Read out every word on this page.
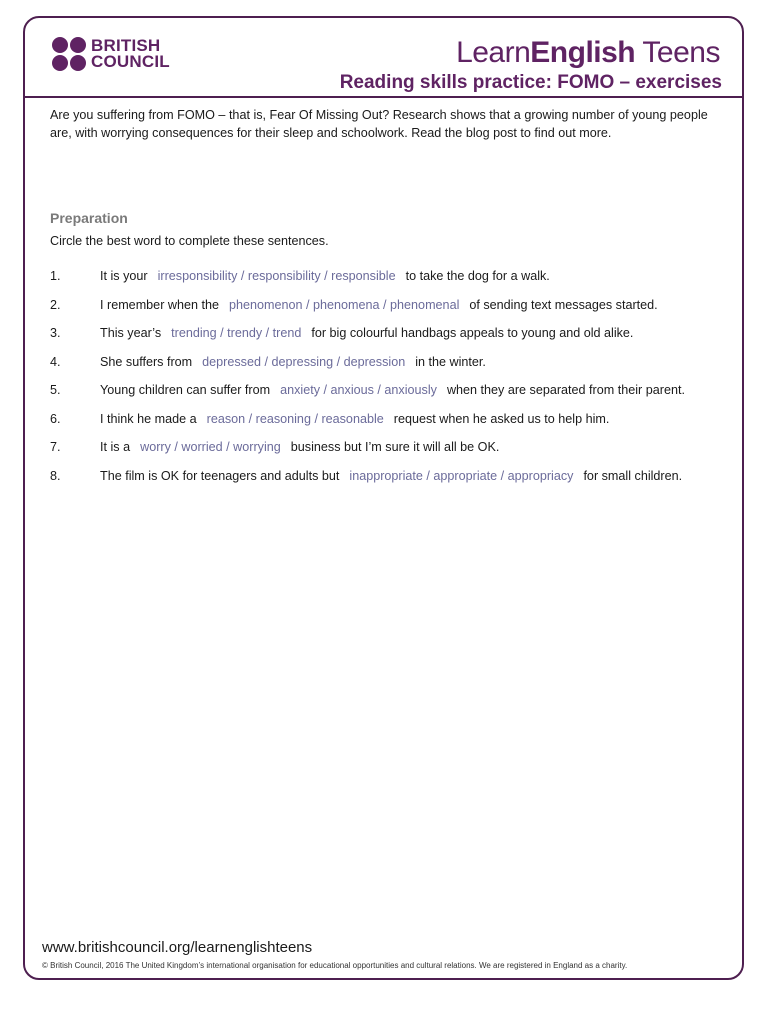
BRITISH
COUNCIL	LearnEnglish Teens
Reading skills practice: FOMO – exercises
Are you suffering from FOMO – that is, Fear Of Missing Out? Research shows that a growing number of young people are, with worrying consequences for their sleep and schoolwork. Read the blog post to find out more.
Preparation
Circle the best word to complete these sentences.
1.	It is your irresponsibility / responsibility / responsible to take the dog for a walk.
2.	I remember when the phenomenon / phenomena / phenomenal of sending text messages started.
3.	This year’s trending / trendy / trend for big colourful handbags appeals to young and old alike.
4.	She suffers from depressed / depressing / depression in the winter.
5.	Young children can suffer from anxiety / anxious / anxiously when they are separated from their parent.
6.	I think he made a reason / reasoning / reasonable request when he asked us to help him.
7.	It is a worry / worried / worrying business but I’m sure it will all be OK.
8.	The film is OK for teenagers and adults but inappropriate / appropriate / appropriacy for small children.
www.britishcouncil.org/learnenglishteens
© British Council, 2016 The United Kingdom’s international organisation for educational opportunities and cultural relations. We are registered in England as a charity.
